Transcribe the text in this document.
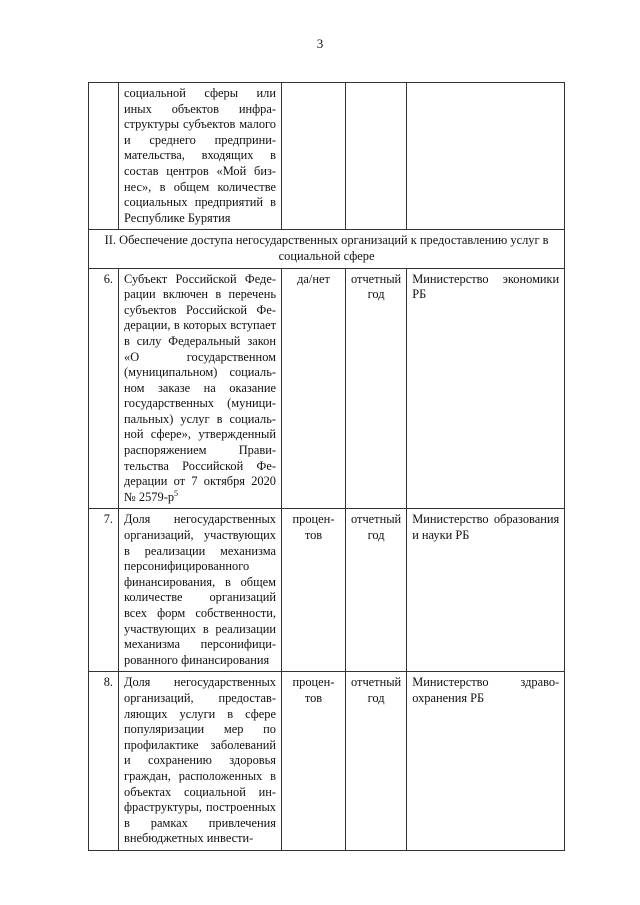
3
	социальной сферы или иных объектов инфраструктуры субъектов малого и среднего предпринимательства, входящих в состав центров «Мой бизнес», в общем количестве социальных предприятий в Республике Бурятия			
II. Обеспечение доступа негосударственных организаций к предоставлению услуг в социальной сфере				
6.	Субъект Российской Федерации включен в перечень субъектов Российской Федерации, в которых вступает в силу Федеральный закон «О государственном (муниципальном) социальном заказе на оказание государственных (муниципальных) услуг в социальной сфере», утвержденный распоряжением Правительства Российской Федерации от 7 октября 2020 № $2579-р^5$	да/нет	отчетный год	Министерство экономики РБ
7.	Доля негосударственных организаций, участвующих в реализации механизма персонифицированного финансирования, в общем количестве организаций всех форм собственности, участвующих в реализации механизма персонифицированного финансирования	процентов	отчетный год	Министерство образования и науки РБ
8.	Доля негосударственных организаций, предоставляющих услуги в сфере популяризации мер по профилактике заболеваний и сохранению здоровья граждан, расположенных в объектах социальной инфраструктуры, построенных в рамках привлечения внебюджетных инвести-	процентов	отчетный год	Министерство здравоохранения РБ
